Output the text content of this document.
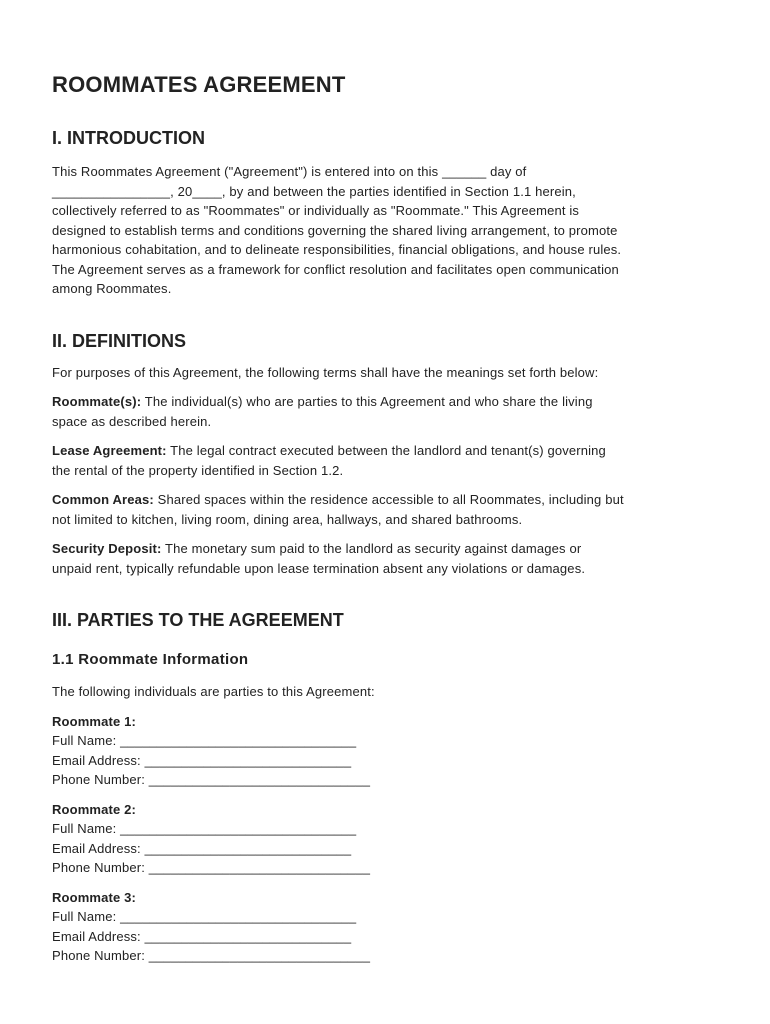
ROOMMATES AGREEMENT
I. INTRODUCTION

This Roommates Agreement ("Agreement") is entered into on this ______ day of
________________, 20____, by and between the parties identified in Section 1.1 herein,
collectively referred to as "Roommates" or individually as "Roommate." This Agreement is
designed to establish terms and conditions governing the shared living arrangement, to promote
harmonious cohabitation, and to delineate responsibilities, financial obligations, and house rules.
The Agreement serves as a framework for conflict resolution and facilitates open communication
among Roommates.

II. DEFINITIONS

For purposes of this Agreement, the following terms shall have the meanings set forth below:

Roommate(s): The individual(s) who are parties to this Agreement and who share the living
space as described herein.

Lease Agreement: The legal contract executed between the landlord and tenant(s) governing
the rental of the property identified in Section 1.2.

Common Areas: Shared spaces within the residence accessible to all Roommates, including but
not limited to kitchen, living room, dining area, hallways, and shared bathrooms.

Security Deposit: The monetary sum paid to the landlord as security against damages or
unpaid rent, typically refundable upon lease termination absent any violations or damages.

III. PARTIES TO THE AGREEMENT
1.1 Roommate Information

The following individuals are parties to this Agreement:

Roommate 1:
Full Name: ________________________________
Email Address: ____________________________
Phone Number: ______________________________

Roommate 2:
Full Name: ________________________________
Email Address: ____________________________
Phone Number: ______________________________

Roommate 3:
Full Name: ________________________________
Email Address: ____________________________
Phone Number: ______________________________
